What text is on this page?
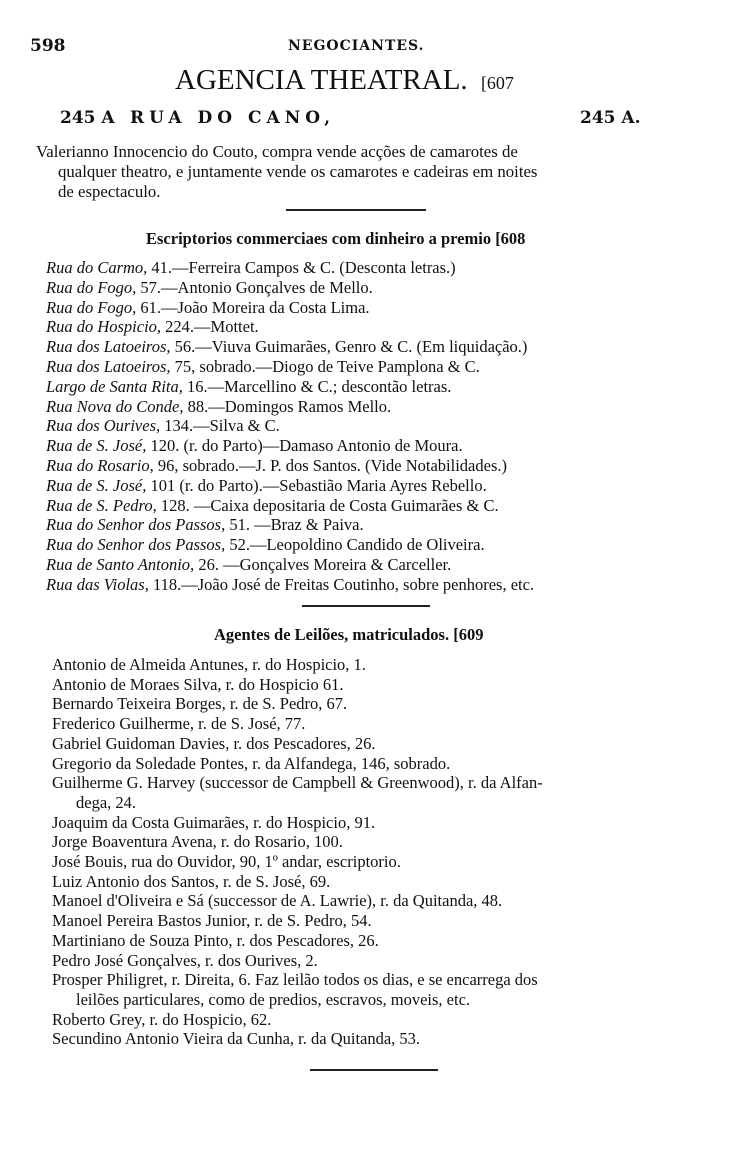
598	NEGOCIANTES.
AGENCIA THEATRAL. [607
245 A RUA DO CANO,	245 A.

Valerianno Innocencio do Couto, compra vende acções de camarotes de

qualquer theatro, e juntamente vende os camarotes e cadeiras em noites

de espectaculo.

Escriptorios commerciaes com dinheiro a premio [608
Rua do Carmo, 41.—Ferreira Campos & C. (Desconta letras.)
Rua do Fogo, 57.—Antonio Gonçalves de Mello.
Rua do Fogo, 61.—João Moreira da Costa Lima.
Rua do Hospicio, 224.—Mottet.
Rua dos Latoeiros, 56.—Viuva Guimarães, Genro & C. (Em liquidação.)
Rua dos Latoeiros, 75, sobrado.—Diogo de Teive Pamplona & C.
Largo de Santa Rita, 16.—Marcellino & C.; descontão letras.
Rua Nova do Conde, 88.—Domingos Ramos Mello.
Rua dos Ourives, 134.—Silva & C.
Rua de S. José, 120. (r. do Parto)—Damaso Antonio de Moura.
Rua do Rosario, 96, sobrado.—J. P. dos Santos. (Vide Notabilidades.)
Rua de S. José, 101 (r. do Parto).—Sebastião Maria Ayres Rebello.
Rua de S. Pedro, 128. —Caixa depositaria de Costa Guimarães & C.
Rua do Senhor dos Passos, 51. —Braz & Paiva.
Rua do Senhor dos Passos, 52.—Leopoldino Candido de Oliveira.
Rua de Santo Antonio, 26. —Gonçalves Moreira & Carceller.
Rua das Violas, 118.—João José de Freitas Coutinho, sobre penhores, etc.
Agentes de Leilões, matriculados. [609
Antonio de Almeida Antunes, r. do Hospicio, 1.
Antonio de Moraes Silva, r. do Hospicio 61.
Bernardo Teixeira Borges, r. de S. Pedro, 67.
Frederico Guilherme, r. de S. José, 77.
Gabriel Guidoman Davies, r. dos Pescadores, 26.
Gregorio da Soledade Pontes, r. da Alfandega, 146, sobrado.
Guilherme G. Harvey (successor de Campbell & Greenwood), r. da Alfan-
dega, 24.
Joaquim da Costa Guimarães, r. do Hospicio, 91.
Jorge Boaventura Avena, r. do Rosario, 100.
José Bouis, rua do Ouvidor, 90, 1º andar, escriptorio.
Luiz Antonio dos Santos, r. de S. José, 69.
Manoel d'Oliveira e Sá (successor de A. Lawrie), r. da Quitanda, 48.
Manoel Pereira Bastos Junior, r. de S. Pedro, 54.
Martiniano de Souza Pinto, r. dos Pescadores, 26.
Pedro José Gonçalves, r. dos Ourives, 2.
Prosper Philigret, r. Direita, 6. Faz leilão todos os dias, e se encarrega dos
leilões particulares, como de predios, escravos, moveis, etc.
Roberto Grey, r. do Hospicio, 62.
Secundino Antonio Vieira da Cunha, r. da Quitanda, 53.
